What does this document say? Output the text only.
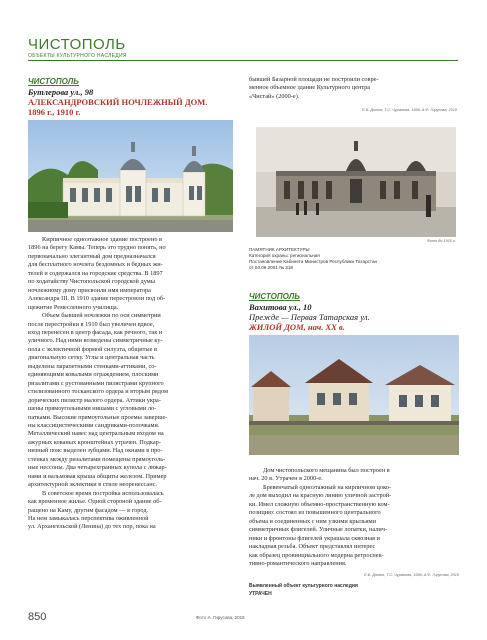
ЧИСТОПОЛЬ
ОБЪЕКТЫ КУЛЬТУРНОГО НАСЛЕДИЯ
ЧИСТОПОЛЬ
Бутлерова ул., 98
АЛЕКСАНДРОВСКИЙ НОЧЛЕЖНЫЙ ДОМ.
1896 г., 1910 г.
Кирпичное одноэтажное здание построено в
1896 на берегу Камы. Теперь это трудно понять, но
первоначально элегантный дом предназначался
для бесплатного ночлега бездомных и бедных жи-
телей и содержался на городские средства. В 1897
по ходатайству Чистопольской городской думы
ночлежному дому присвоили имя императора
Александра III. В 1910 здание перестроили под об-
щежитие Ремесленного училища.
Объем бывшей ночлежки по оси симметрии
после перестройки в 1910 был увеличен вдвое,
вход перенесен в центр фасада, как речного, так и
уличного. Над ними возведены симметричные ку-
пола с эклектичной формой силуэта, общитые в
диагональную сетку. Углы и центральная часть
выделены парапетными стенками-аттиками, со-
единяющими ковалыми ограждением, плоскими
ризалитами с рустованными пилястрами крупного
стилизованного тосканского ордера и вторым рядом
дорических пилястр малого ордера. Аттики укра-
шены прямоугольными нишами с угловыми ло-
патками. Высокие прямоугольные проемы заверше-
ны классицистическими сандриками-полочками.
Металлический навес над центральным входом на
ажурных кованых кронштейнах утрачен. Подкар-
низный пояс выделен зубцами. Над окнами в про-
стенках между ризалитами помещены прямоуголь-
ные нессоны. Два четырехгранных купола с люкар-
нами и вальмовая крыша общиты железом. Пример
архитектурной эклектики в стиле неоренессанс.
В советское время постройка использовалась
как временное жилье. Одной стороной здание об-
ращено на Каму, другим фасадом — в город.
На нем замыкалась перспектива оживленной
ул. Архангельской (Ленина) до тех пор, пока на
бывшей Базарной площади не построили совре-
менное объемное здание Культурного центра
«Чистай» (2000-е).
Е.Б. Дюпин, Т.С. Чуранова, 1996; А.Ф. Гирусова, 2015
Фото до 1910 г.
ПАМЯТНИК АРХИТЕКТУРЫ
Категория охраны: региональная
Постановление Кабинета Министров Республики Татарстан
от 04.06.2001 № 318
ЧИСТОПОЛЬ
Вахитова ул., 10
Прежде — Первая Татарская ул.
ЖИЛОЙ ДОМ, нач. XX в.
Дом чистопольского мещанина был построен в
нач. 20 в. Утрачен в 2000-е.
Бревенчатый одноэтажный на кирпичном цоко-
ле дом выходил на красную линию уличной застрой-
ки. Имел сложную объемно-пространственную ком-
позицию: состоял из повышенного центрального
объема и соединенных с ним узкими крыльями
симметричных флигелей. Уличные лопатки, налич-
ники и фронтоны флигелей украшала сквозная и
накладная резьба. Объект представлял интерес
как образец провинциального модерна ретроспек-
тивно-романтического направления.
Е.Б. Дюпин, Т.С. Чуранова, 1996; А.Ф. Гирусова, 2015
Выявленный объект культурного наследия
УТРАЧЕН
850	Фото А. Гирусова, 2015
